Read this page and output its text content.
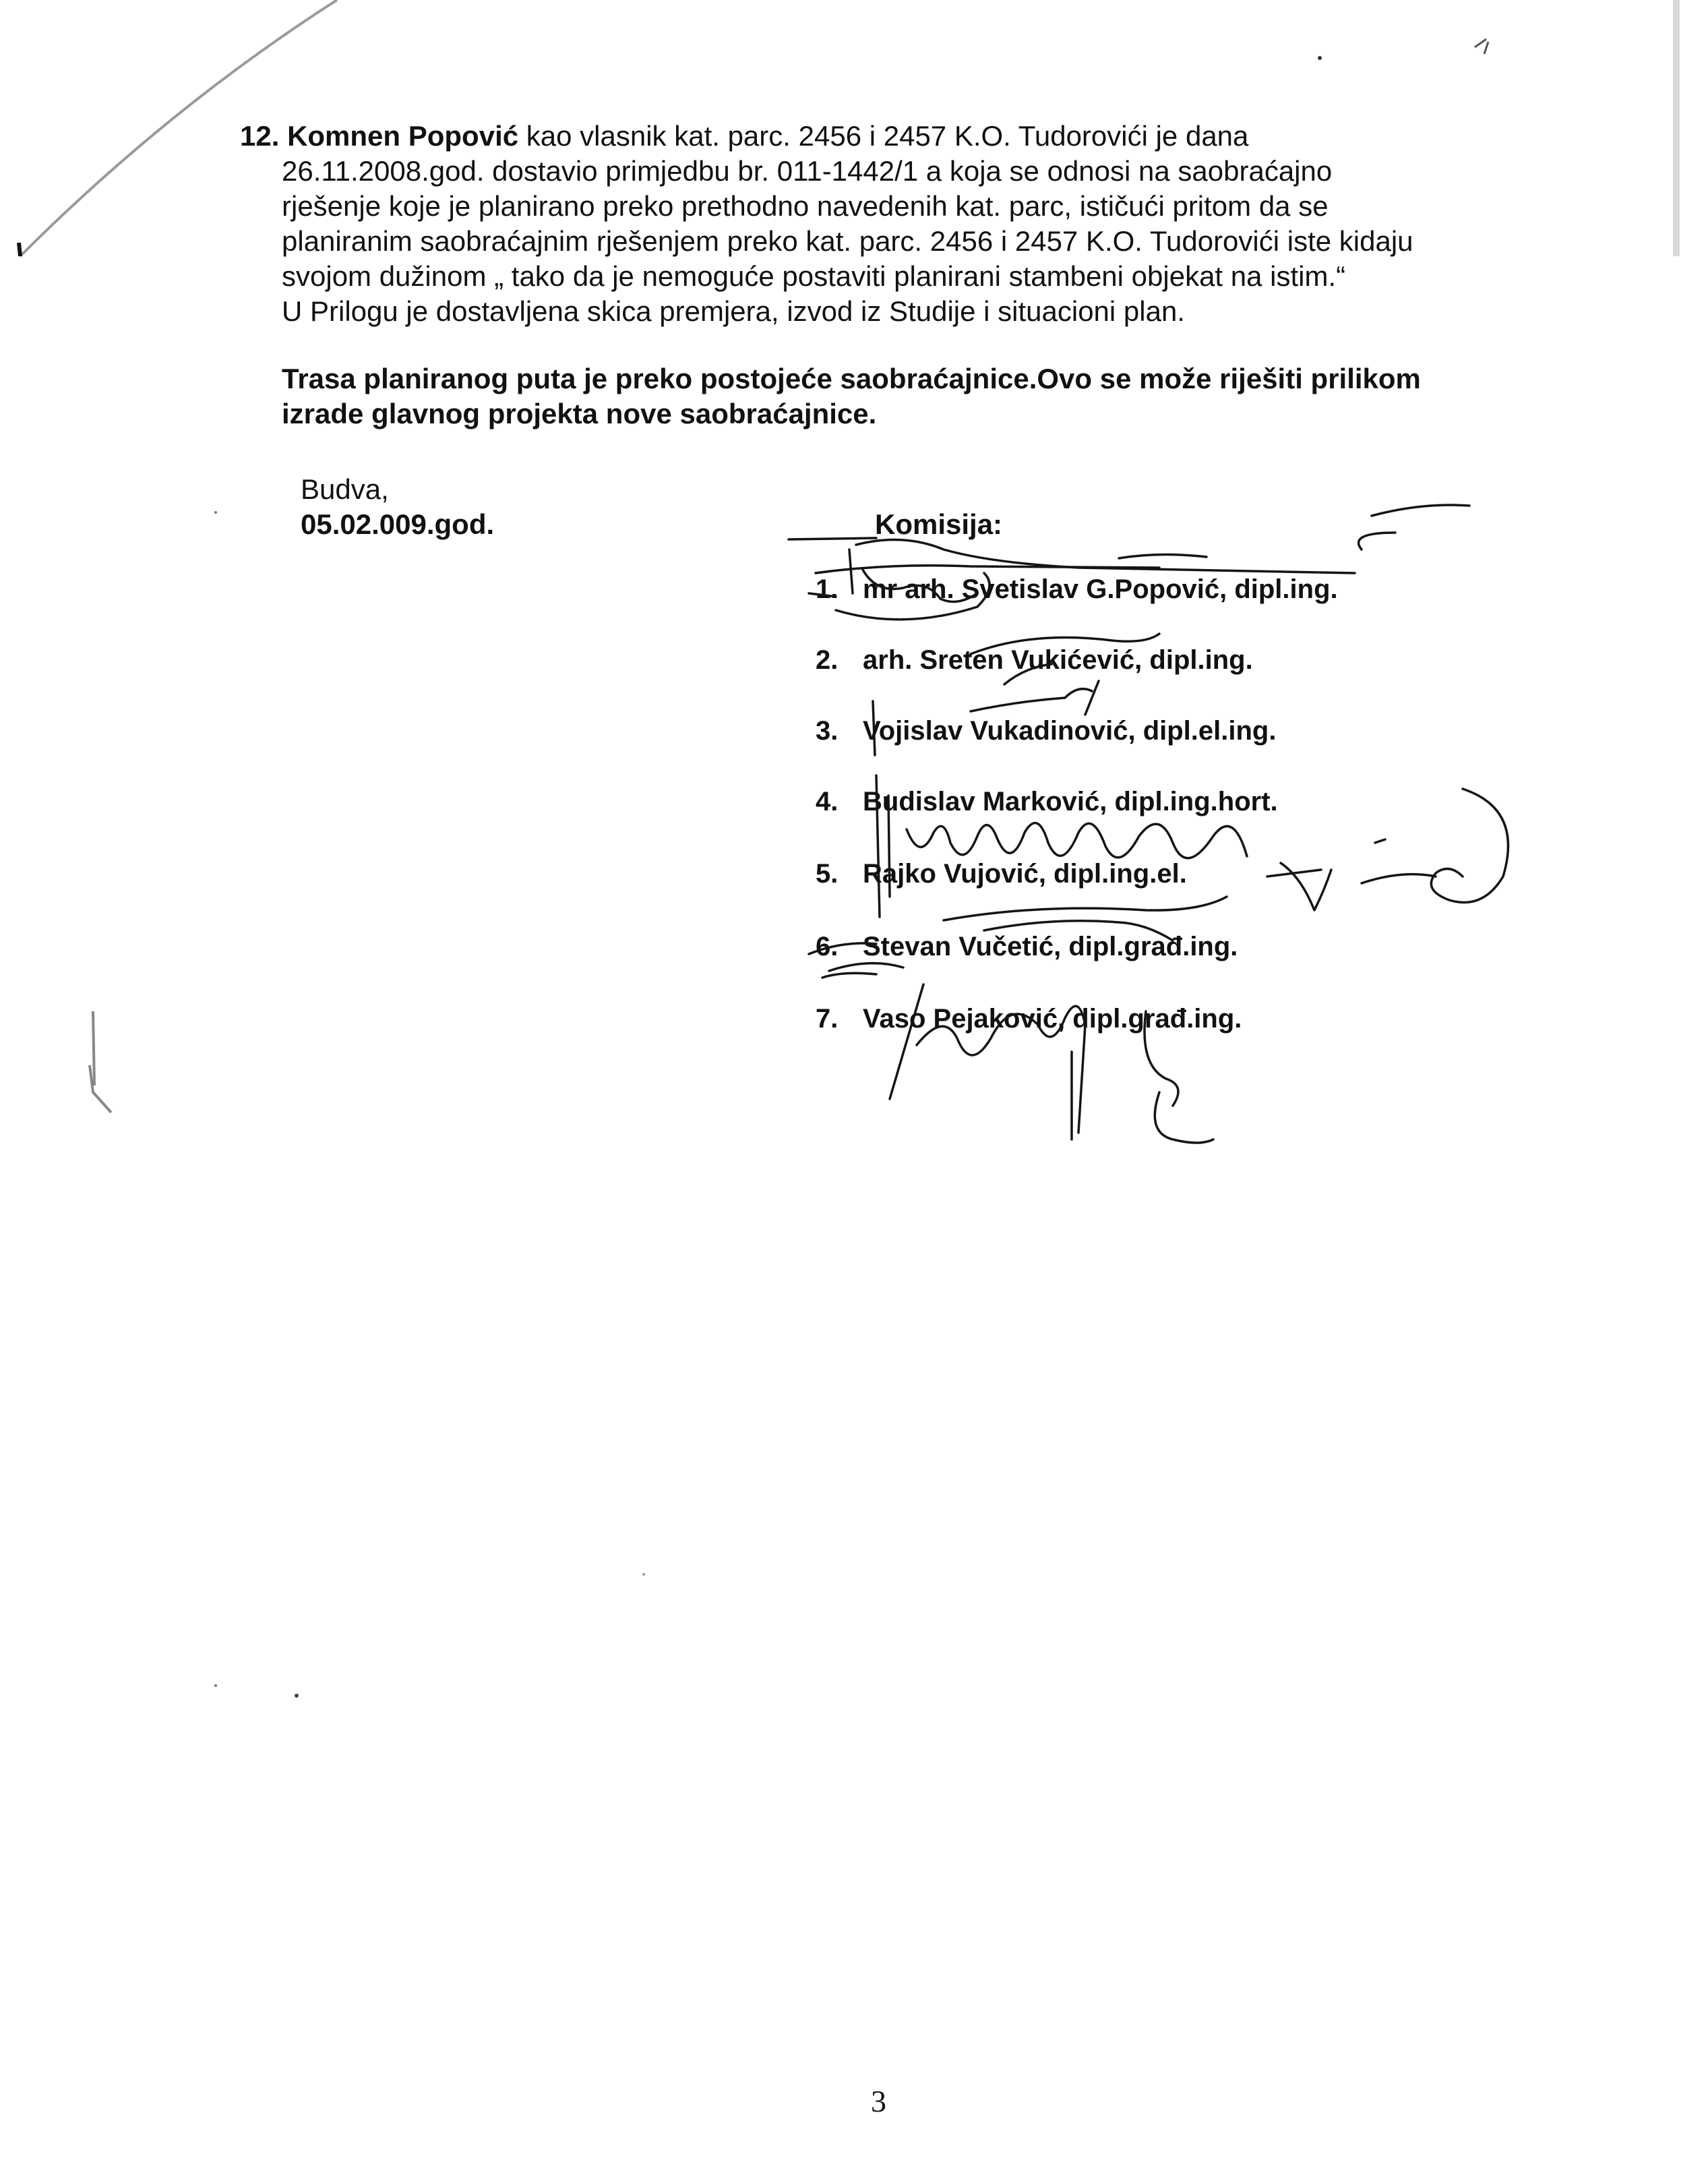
12. Komnen Popović kao vlasnik kat. parc. 2456 i 2457 K.O. Tudorovići je dana
26.11.2008.god. dostavio primjedbu br. 011-1442/1 a koja se odnosi na saobraćajno
rješenje koje je planirano preko prethodno navedenih kat. parc, ističući pritom da se
planiranim saobraćajnim rješenjem preko kat. parc. 2456 i 2457 K.O. Tudorovići iste kidaju
svojom dužinom „ tako da je nemoguće postaviti planirani stambeni objekat na istim.“
U Prilogu je dostavljena skica premjera, izvod iz Studije i situacioni plan.
Trasa planiranog puta je preko postojeće saobraćajnice.Ovo se može riješiti prilikom
izrade glavnog projekta nove saobraćajnice.
Budva,
05.02.009.god.	Komisija:
1. mr arh. Svetislav G.Popović, dipl.ing.
2. arh. Sreten Vukićević, dipl.ing.
3. Vojislav Vukadinović, dipl.el.ing.
4. Budislav Marković, dipl.ing.hort.
5. Rajko Vujović, dipl.ing.el.
6. Stevan Vučetić, dipl.građ.ing.
7. Vaso Pejaković, dipl.građ.ing.
3
